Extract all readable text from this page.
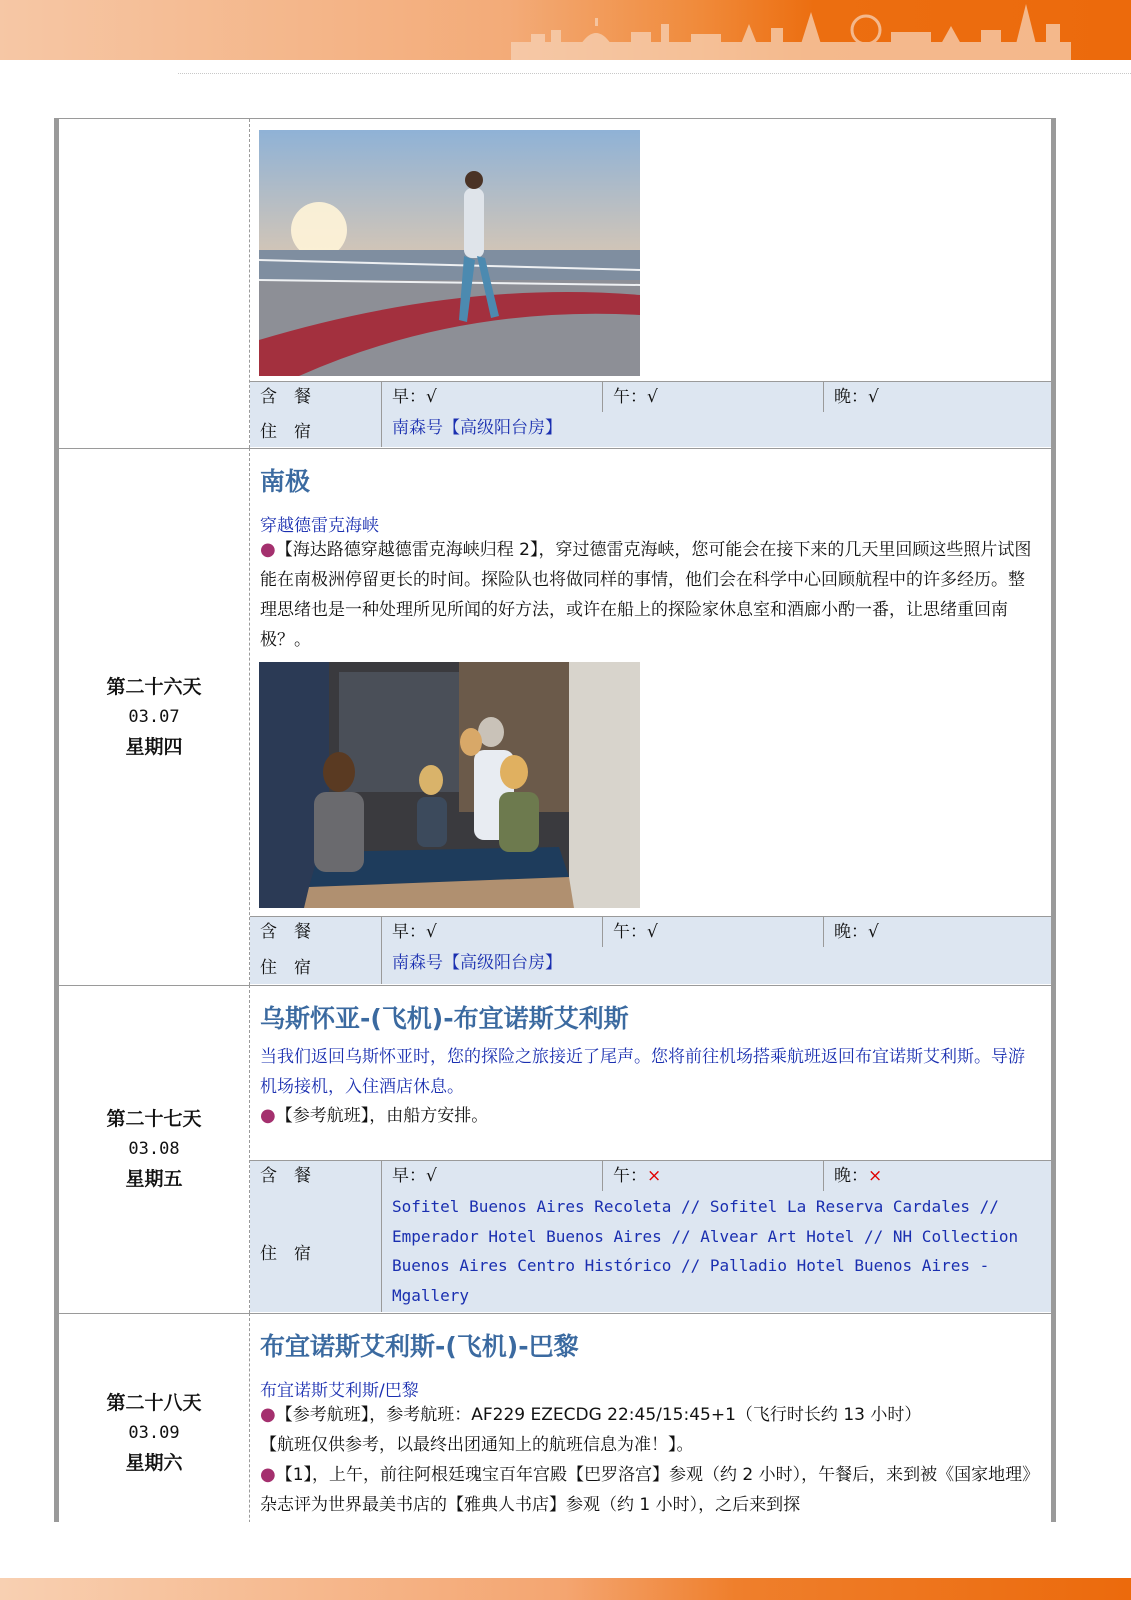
含　餐	早：√	午：√	晚：√
住　宿	南森号【高级阳台房】
第二十六天
03.07
星期四
南极
穿越德雷克海峡
●【海达路德穿越德雷克海峡归程 2】，穿过德雷克海峡，您可能会在接下来的几天里回顾这些照片试图能在南极洲停留更长的时间。探险队也将做同样的事情，他们会在科学中心回顾航程中的许多经历。整理思绪也是一种处理所见所闻的好方法，或许在船上的探险家休息室和酒廊小酌一番，让思绪重回南极？。
含　餐	早：√	午：√	晚：√
住　宿	南森号【高级阳台房】
第二十七天
03.08
星期五
乌斯怀亚-(飞机)-布宜诺斯艾利斯
当我们返回乌斯怀亚时，您的探险之旅接近了尾声。您将前往机场搭乘航班返回布宜诺斯艾利斯。导游机场接机，入住酒店休息。
●【参考航班】，由船方安排。
含　餐	早：√	午：×	晚：×
住　宿
Sofitel Buenos Aires Recoleta // Sofitel La Reserva Cardales // Emperador Hotel Buenos Aires // Alvear Art Hotel // NH Collection Buenos Aires Centro Histórico // Palladio Hotel Buenos Aires - Mgallery
第二十八天
03.09
星期六
布宜诺斯艾利斯-(飞机)-巴黎
布宜诺斯艾利斯/巴黎
●【参考航班】，参考航班：AF229 EZECDG 22:45/15:45+1（飞行时长约 13 小时）
【航班仅供参考，以最终出团通知上的航班信息为准！】。
●【1】，上午，前往阿根廷瑰宝百年宫殿【巴罗洛宫】参观（约 2 小时），午餐后，来到被《国家地理》杂志评为世界最美书店的【雅典人书店】参观（约 1 小时），之后来到探
